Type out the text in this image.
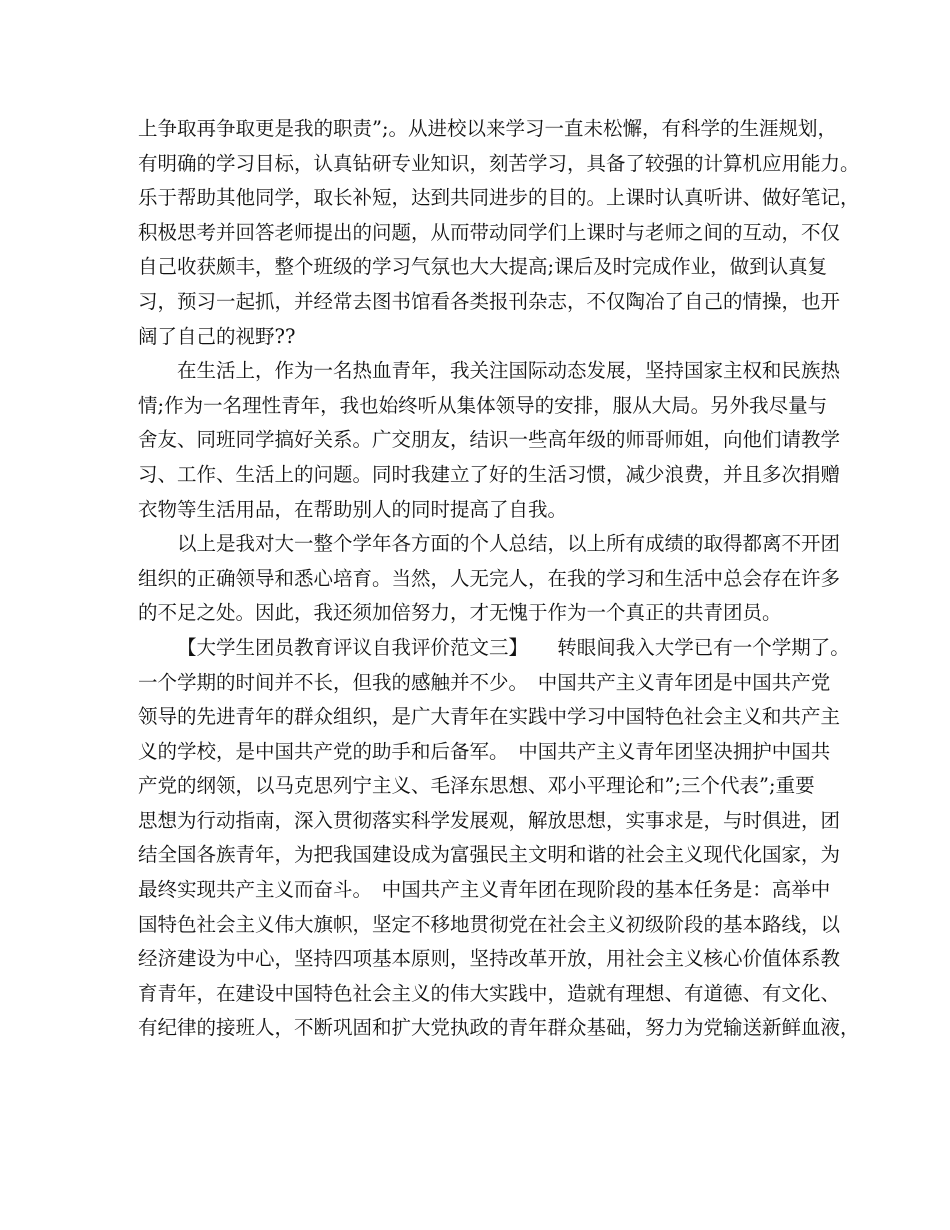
上争取再争取更是我的职责”;。从进校以来学习一直未松懈，有科学的生涯规划，
有明确的学习目标，认真钻研专业知识，刻苦学习，具备了较强的计算机应用能力。
乐于帮助其他同学，取长补短，达到共同进步的目的。上课时认真听讲、做好笔记，
积极思考并回答老师提出的问题，从而带动同学们上课时与老师之间的互动，不仅
自己收获颇丰，整个班级的学习气氛也大大提高;课后及时完成作业，做到认真复
习，预习一起抓，并经常去图书馆看各类报刊杂志，不仅陶冶了自己的情操，也开
阔了自己的视野??
在生活上，作为一名热血青年，我关注国际动态发展，坚持国家主权和民族热
情;作为一名理性青年，我也始终听从集体领导的安排，服从大局。另外我尽量与
舍友、同班同学搞好关系。广交朋友，结识一些高年级的师哥师姐，向他们请教学
习、工作、生活上的问题。同时我建立了好的生活习惯，减少浪费，并且多次捐赠
衣物等生活用品，在帮助别人的同时提高了自我。
以上是我对大一整个学年各方面的个人总结，以上所有成绩的取得都离不开团
组织的正确领导和悉心培育。当然，人无完人，在我的学习和生活中总会存在许多
的不足之处。因此，我还须加倍努力，才无愧于作为一个真正的共青团员。
【大学生团员教育评议自我评价范文三】　　转眼间我入大学已有一个学期了。
一个学期的时间并不长，但我的感触并不少。　中国共产主义青年团是中国共产党
领导的先进青年的群众组织，是广大青年在实践中学习中国特色社会主义和共产主
义的学校，是中国共产党的助手和后备军。　中国共产主义青年团坚决拥护中国共
产党的纲领，以马克思列宁主义、毛泽东思想、邓小平理论和”;三个代表”;重要
思想为行动指南，深入贯彻落实科学发展观，解放思想，实事求是，与时俱进，团
结全国各族青年，为把我国建设成为富强民主文明和谐的社会主义现代化国家，为
最终实现共产主义而奋斗。　中国共产主义青年团在现阶段的基本任务是：高举中
国特色社会主义伟大旗帜，坚定不移地贯彻党在社会主义初级阶段的基本路线，以
经济建设为中心，坚持四项基本原则，坚持改革开放，用社会主义核心价值体系教
育青年，在建设中国特色社会主义的伟大实践中，造就有理想、有道德、有文化、
有纪律的接班人，不断巩固和扩大党执政的青年群众基础，努力为党输送新鲜血液，
